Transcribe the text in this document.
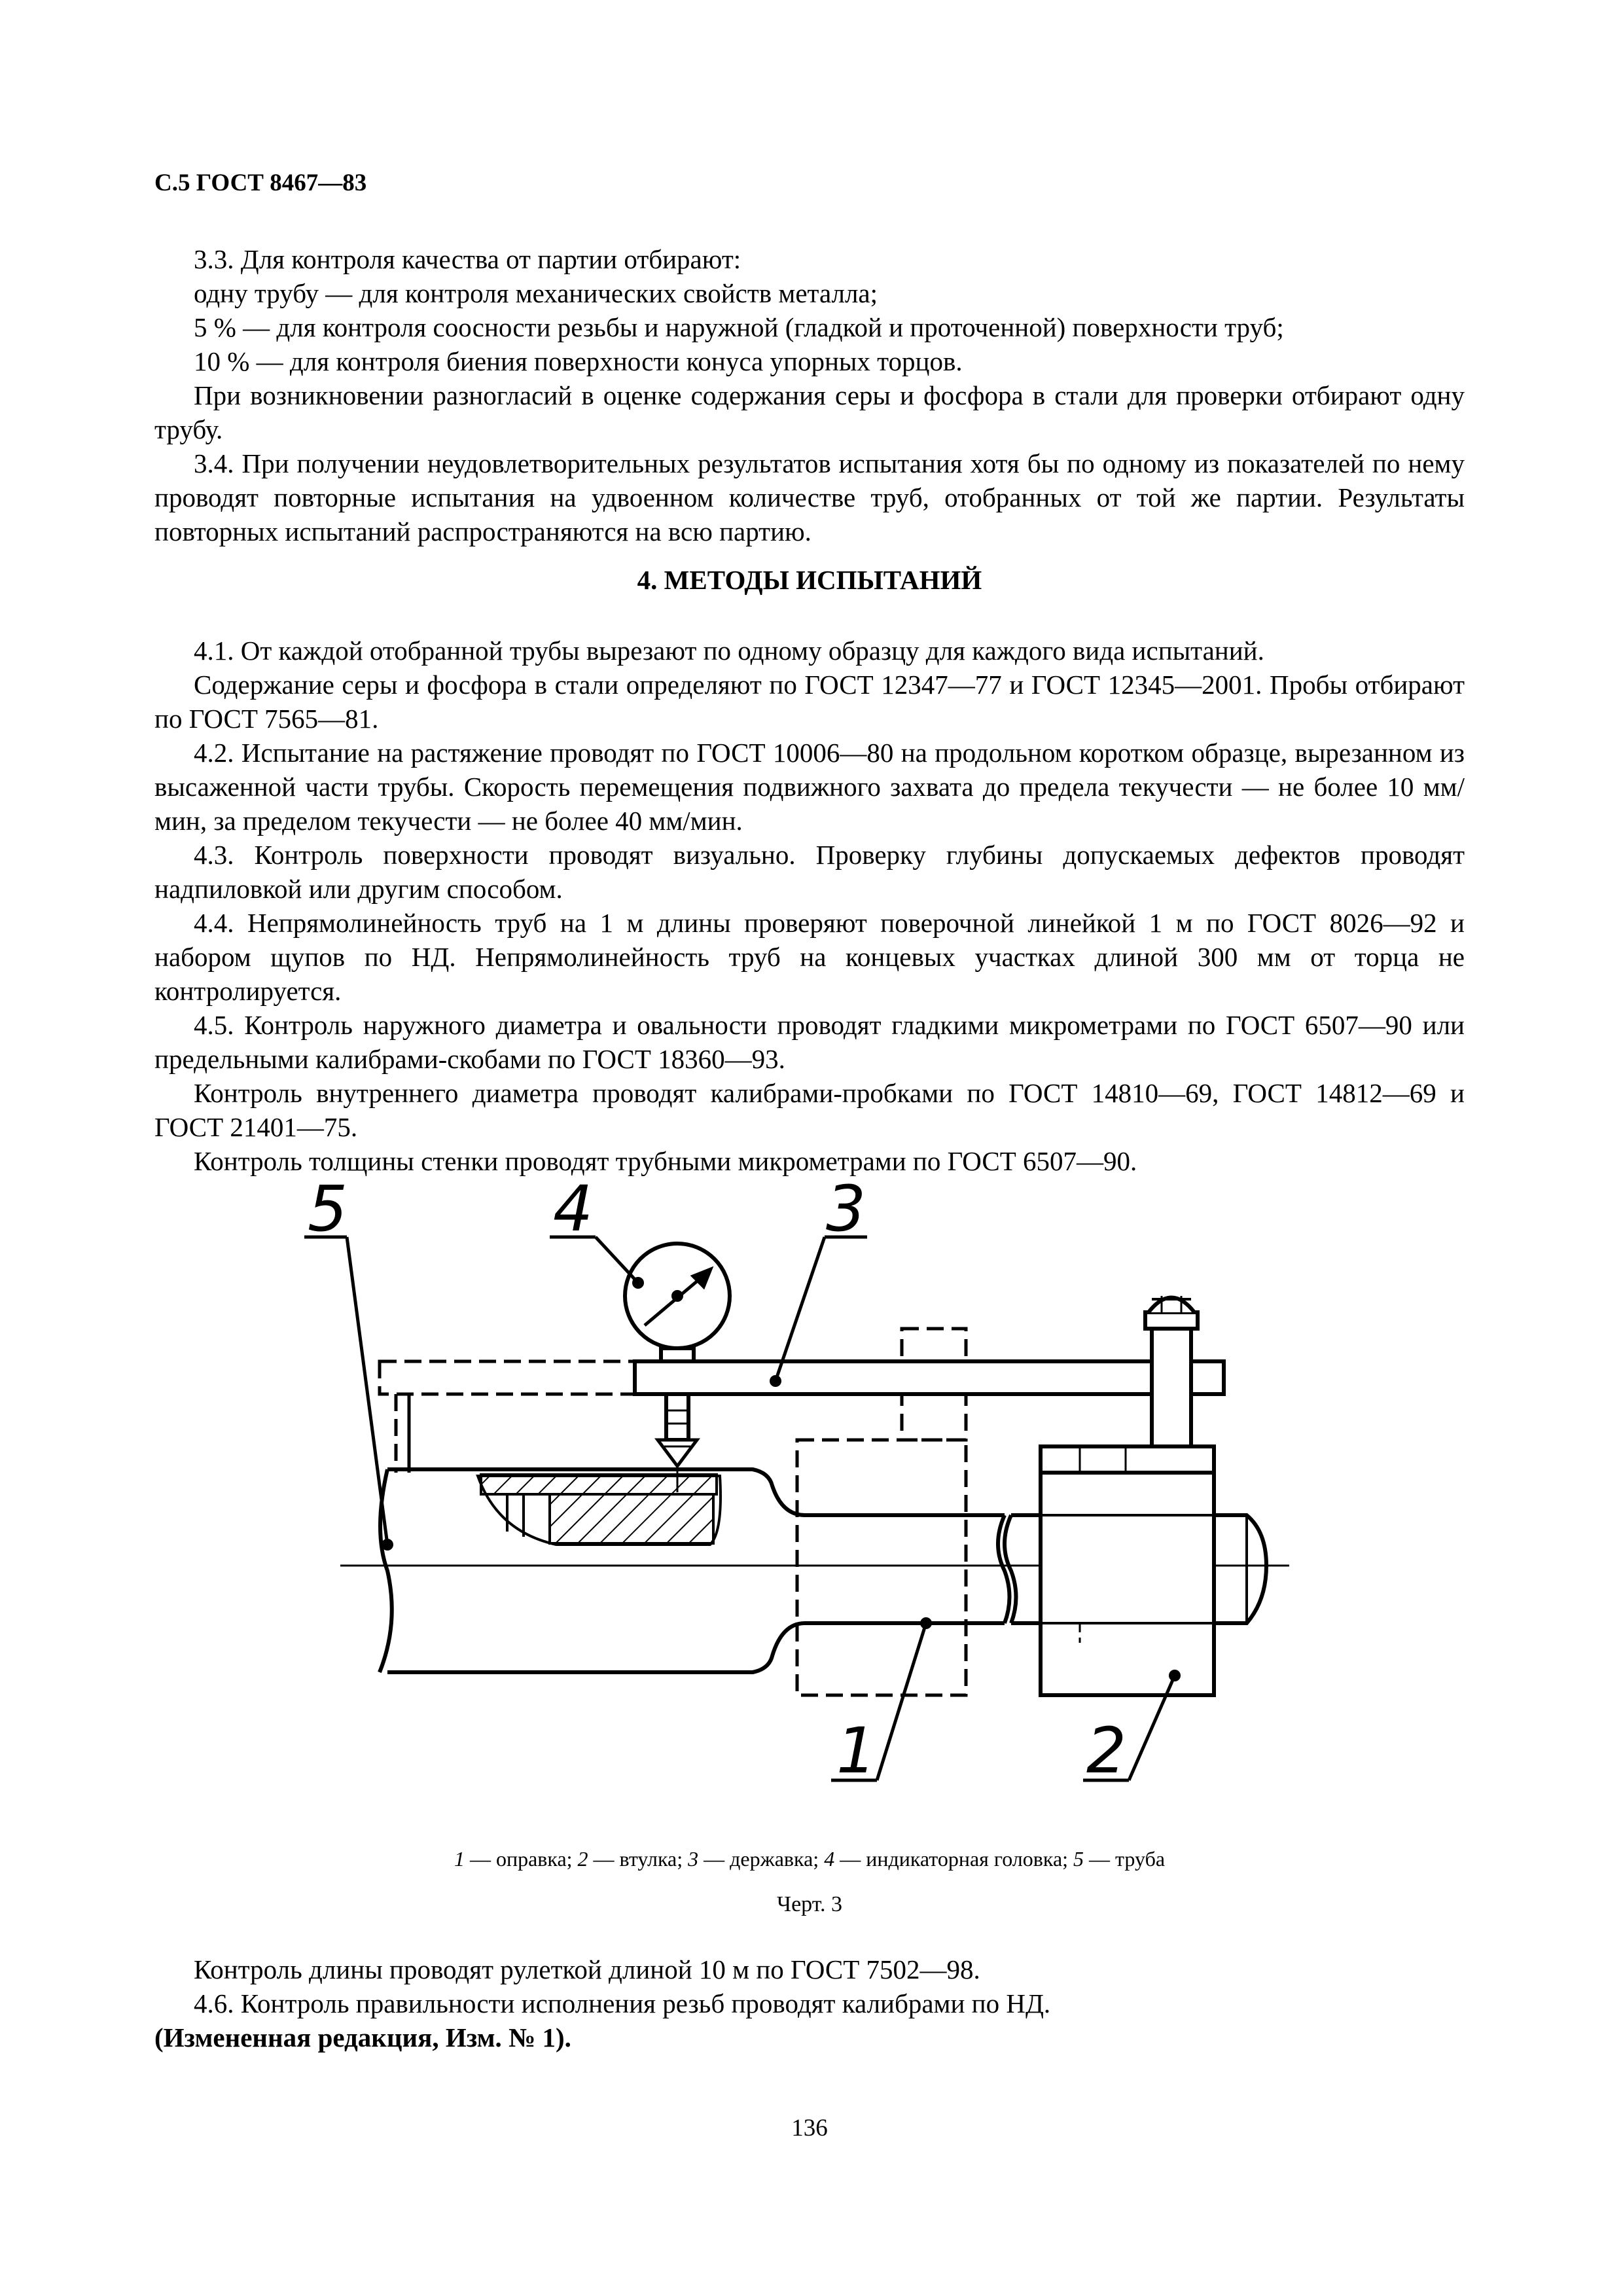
С.5 ГОСТ 8467—83

3.3. Для контроля качества от партии отбирают:

одну трубу — для контроля механических свойств металла;

5 % — для контроля соосности резьбы и наружной (гладкой и проточенной) поверхности труб;

10 % — для контроля биения поверхности конуса упорных торцов.

При возникновении разногласий в оценке содержания серы и фосфора в стали для проверки отбирают одну трубу.

3.4. При получении неудовлетворительных результатов испытания хотя бы по одному из показателей по нему проводят повторные испытания на удвоенном количестве труб, отобранных от той же партии. Результаты повторных испытаний распространяются на всю партию.

4. МЕТОДЫ ИСПЫТАНИЙ

4.1. От каждой отобранной трубы вырезают по одному образцу для каждого вида испытаний.

Содержание серы и фосфора в стали определяют по ГОСТ 12347—77 и ГОСТ 12345—2001. Пробы отбирают по ГОСТ 7565—81.

4.2. Испытание на растяжение проводят по ГОСТ 10006—80 на продольном коротком образце, вырезанном из высаженной части трубы. Скорость перемещения подвижного захвата до предела текучести — не более 10 мм/мин, за пределом текучести — не более 40 мм/мин.

4.3. Контроль поверхности проводят визуально. Проверку глубины допускаемых дефектов проводят надпиловкой или другим способом.

4.4. Непрямолинейность труб на 1 м длины проверяют поверочной линейкой 1 м по ГОСТ 8026—92 и набором щупов по НД. Непрямолинейность труб на концевых участках длиной 300 мм от торца не контролируется.

4.5. Контроль наружного диаметра и овальности проводят гладкими микрометрами по ГОСТ 6507—90 или предельными калибрами-скобами по ГОСТ 18360—93.

Контроль внутреннего диаметра проводят калибрами-пробками по ГОСТ 14810—69, ГОСТ 14812—69 и ГОСТ 21401—75.

Контроль толщины стенки проводят трубными микрометрами по ГОСТ 6507—90.

5	4	3
1	2
1 — оправка; 2 — втулка; 3 — державка; 4 — индикаторная головка; 5 — труба
Черт. 3

Контроль длины проводят рулеткой длиной 10 м по ГОСТ 7502—98.

4.6. Контроль правильности исполнения резьб проводят калибрами по НД.

(Измененная редакция, Изм. № 1).

136
